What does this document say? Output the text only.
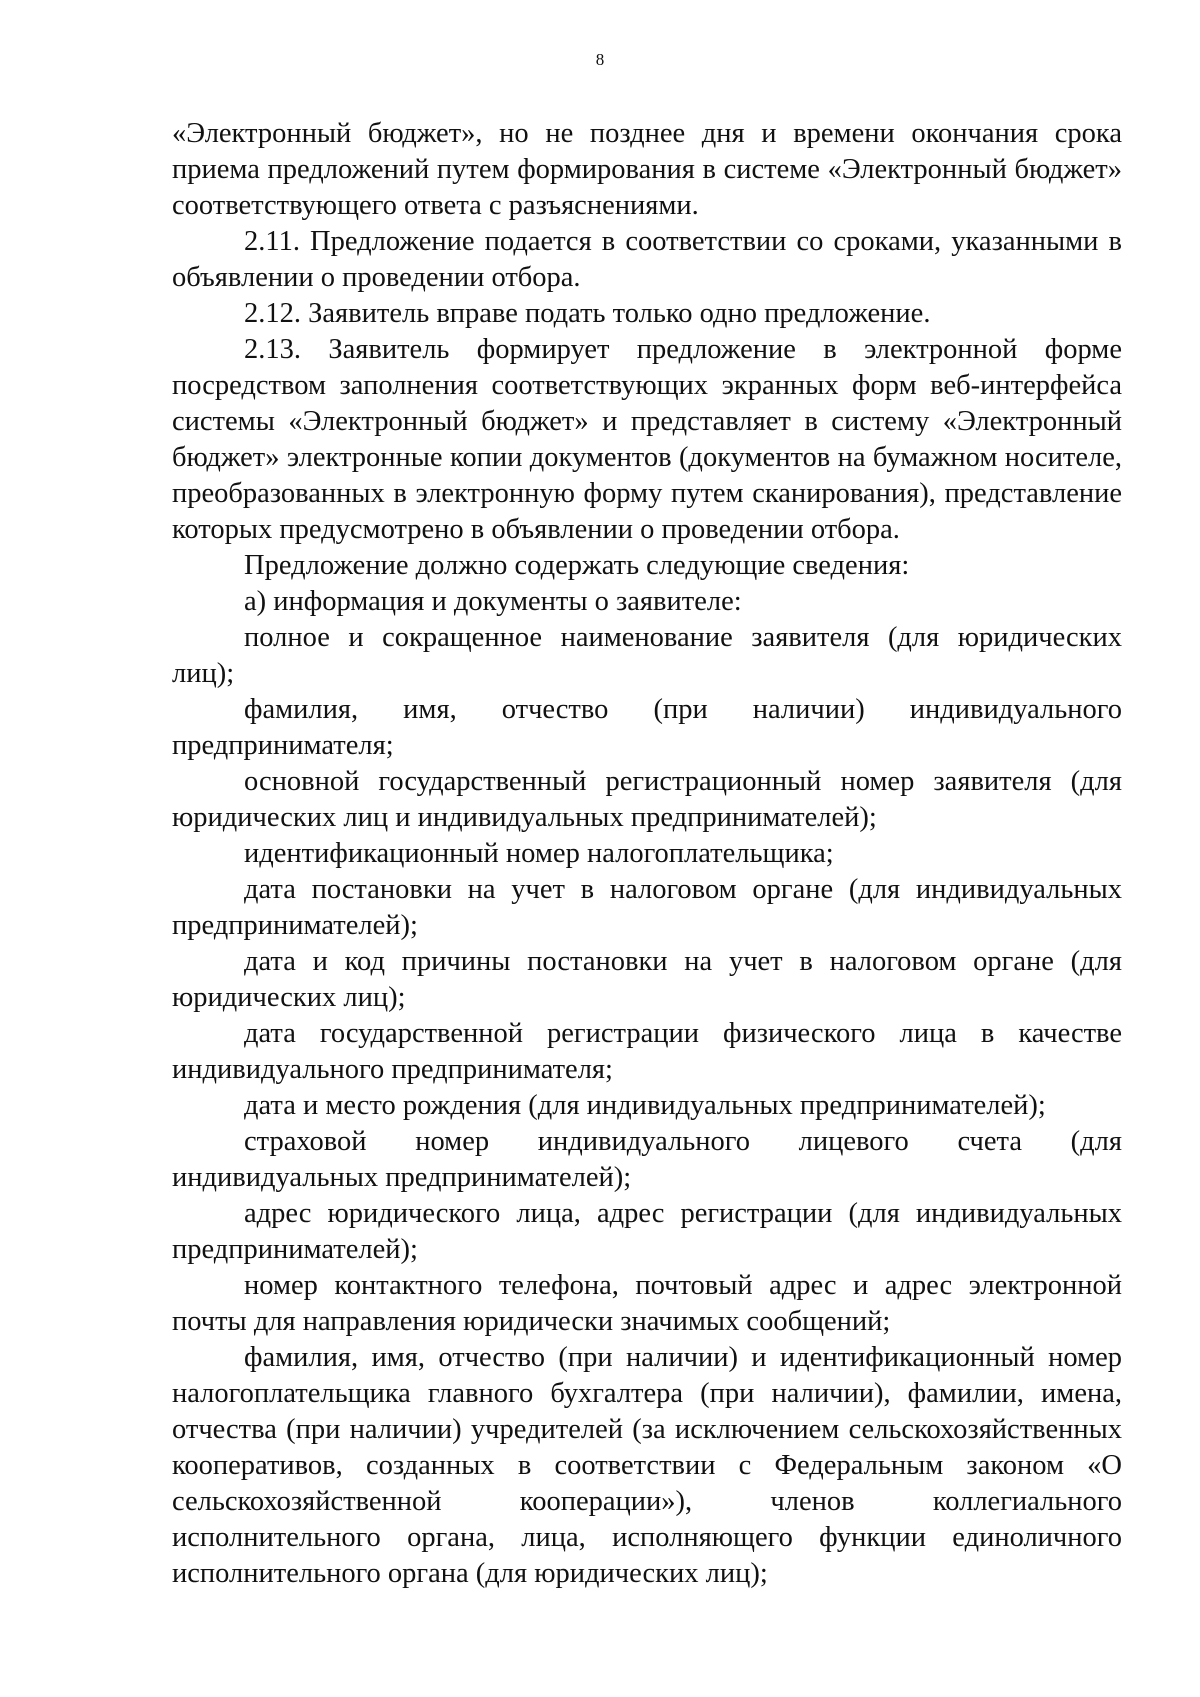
8

«Электронный бюджет», но не позднее дня и времени окончания срока приема предложений путем формирования в системе «Электронный бюджет» соответствующего ответа с разъяснениями.

2.11. Предложение подается в соответствии со сроками, указанными в объявлении о проведении отбора.

2.12. Заявитель вправе подать только одно предложение.

2.13. Заявитель формирует предложение в электронной форме посредством заполнения соответствующих экранных форм веб-интерфейса системы «Электронный бюджет» и представляет в систему «Электронный бюджет» электронные копии документов (документов на бумажном носителе, преобразованных в электронную форму путем сканирования), представление которых предусмотрено в объявлении о проведении отбора.

Предложение должно содержать следующие сведения:

а) информация и документы о заявителе:

полное и сокращенное наименование заявителя (для юридических лиц);

фамилия, имя, отчество (при наличии) индивидуального предпринимателя;

основной государственный регистрационный номер заявителя (для юридических лиц и индивидуальных предпринимателей);

идентификационный номер налогоплательщика;

дата постановки на учет в налоговом органе (для индивидуальных предпринимателей);

дата и код причины постановки на учет в налоговом органе (для юридических лиц);

дата государственной регистрации физического лица в качестве индивидуального предпринимателя;

дата и место рождения (для индивидуальных предпринимателей);

страховой номер индивидуального лицевого счета (для индивидуальных предпринимателей);

адрес юридического лица, адрес регистрации (для индивидуальных предпринимателей);

номер контактного телефона, почтовый адрес и адрес электронной почты для направления юридически значимых сообщений;

фамилия, имя, отчество (при наличии) и идентификационный номер налогоплательщика главного бухгалтера (при наличии), фамилии, имена, отчества (при наличии) учредителей (за исключением сельскохозяйственных кооперативов, созданных в соответствии с Федеральным законом «О сельскохозяйственной кооперации»), членов коллегиального исполнительного органа, лица, исполняющего функции единоличного исполнительного органа (для юридических лиц);
